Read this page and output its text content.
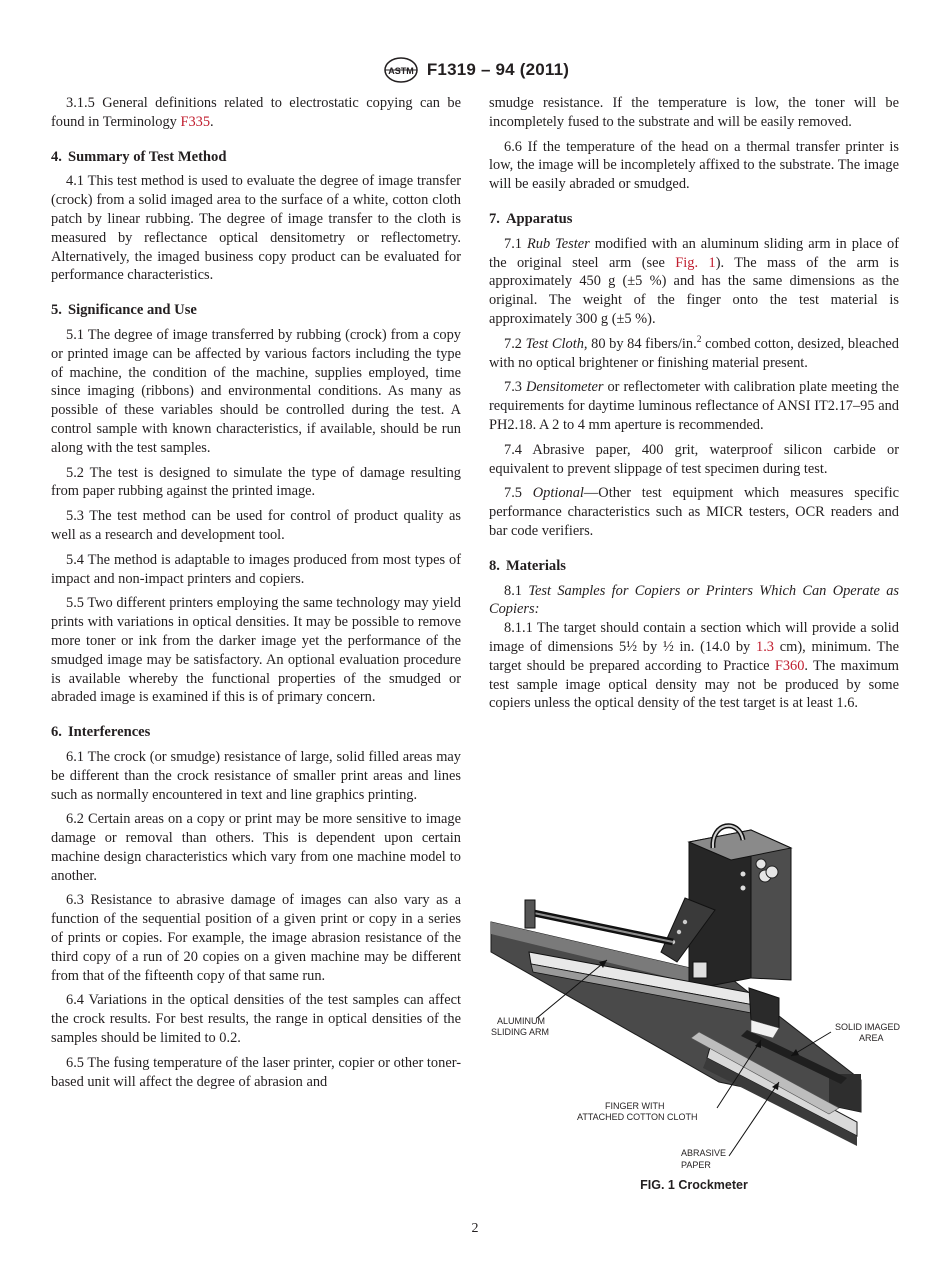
ASTM F1319 – 94 (2011)

3.1.5 General definitions related to electrostatic copying can be found in Terminology F335.

4. Summary of Test Method

4.1 This test method is used to evaluate the degree of image transfer (crock) from a solid imaged area to the surface of a white, cotton cloth patch by linear rubbing. The degree of image transfer to the cloth is measured by reflectance optical densitometry or reflectometry. Alternatively, the imaged business copy product can be evaluated for performance characteristics.

5. Significance and Use

5.1 The degree of image transferred by rubbing (crock) from a copy or printed image can be affected by various factors including the type of machine, the condition of the machine, supplies employed, time since imaging (ribbons) and environmental conditions. As many as possible of these variables should be controlled during the test. A control sample with known characteristics, if available, should be run along with the test samples.

5.2 The test is designed to simulate the type of damage resulting from paper rubbing against the printed image.

5.3 The test method can be used for control of product quality as well as a research and development tool.

5.4 The method is adaptable to images produced from most types of impact and non-impact printers and copiers.

5.5 Two different printers employing the same technology may yield prints with variations in optical densities. It may be possible to remove more toner or ink from the darker image yet the performance of the smudged image may be satisfactory. An optional evaluation procedure is available whereby the functional properties of the smudged or abraded image is examined if this is of primary concern.

6. Interferences

6.1 The crock (or smudge) resistance of large, solid filled areas may be different than the crock resistance of smaller print areas and lines such as normally encountered in text and line graphics printing.

6.2 Certain areas on a copy or print may be more sensitive to image damage or removal than others. This is dependent upon certain machine design characteristics which vary from one machine model to another.

6.3 Resistance to abrasive damage of images can also vary as a function of the sequential position of a given print or copy in a series of prints or copies. For example, the image abrasion resistance of the third copy of a run of 20 copies on a given machine may be different from that of the fifteenth copy of that same run.

6.4 Variations in the optical densities of the test samples can affect the crock results. For best results, the range in optical densities of the samples should be limited to 0.2.

6.5 The fusing temperature of the laser printer, copier or other toner-based unit will affect the degree of abrasion and

smudge resistance. If the temperature is low, the toner will be incompletely fused to the substrate and will be easily removed.

6.6 If the temperature of the head on a thermal transfer printer is low, the image will be incompletely affixed to the substrate. The image will be easily abraded or smudged.

7. Apparatus

7.1 Rub Tester modified with an aluminum sliding arm in place of the original steel arm (see Fig. 1). The mass of the arm is approximately 450 g (±5 %) and has the same dimensions as the original. The weight of the finger onto the test material is approximately 300 g (±5 %).

7.2 Test Cloth, 80 by 84 fibers/in.$^2$ combed cotton, desized, bleached with no optical brightener or finishing material present.

7.3 Densitometer or reflectometer with calibration plate meeting the requirements for daytime luminous reflectance of ANSI IT2.17–95 and PH2.18. A 2 to 4 mm aperture is recommended.

7.4 Abrasive paper, 400 grit, waterproof silicon carbide or equivalent to prevent slippage of test specimen during test.

7.5 Optional—Other test equipment which measures specific performance characteristics such as MICR testers, OCR readers and bar code verifiers.

8. Materials

8.1 Test Samples for Copiers or Printers Which Can Operate as Copiers:

8.1.1 The target should contain a section which will provide a solid image of dimensions 5½ by ½ in. (14.0 by 1.3 cm), minimum. The target should be prepared according to Practice F360. The maximum test sample image optical density may not be produced by some copiers unless the optical density of the test target is at least 1.6.

ALUMINUM
SLIDING ARM	SOLID IMAGED
AREA
FINGER WITH
ATTACHED COTTON CLOTH
ABRASIVE
PAPER
FIG. 1 Crockmeter
2
